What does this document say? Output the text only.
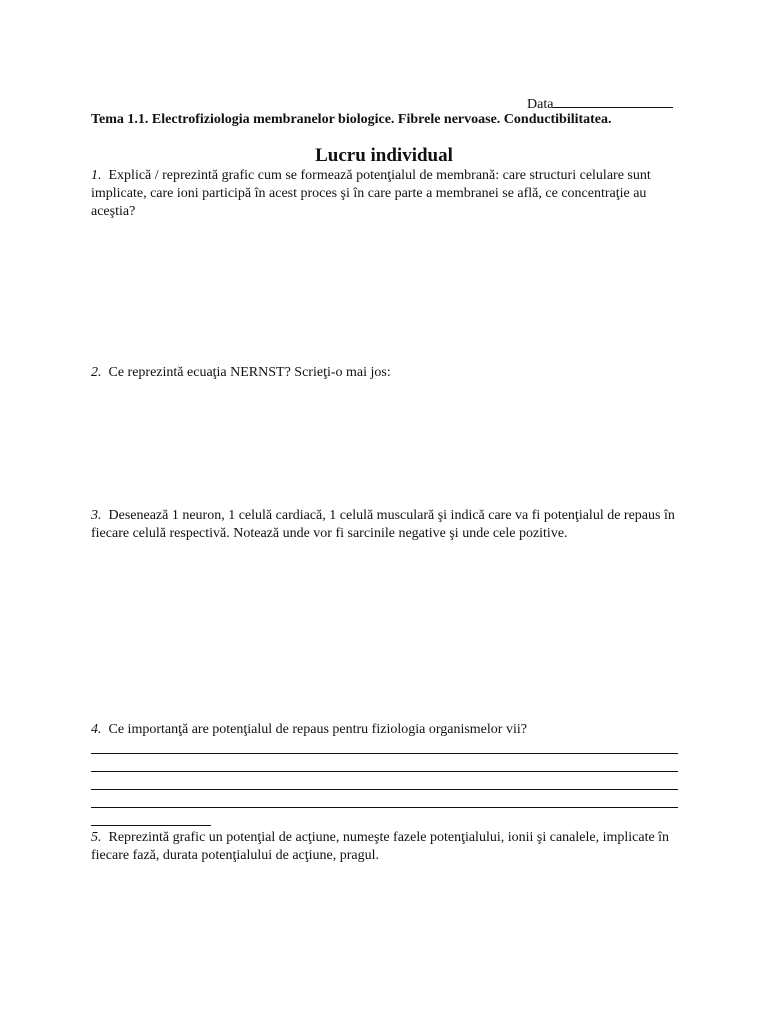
Data
Tema 1.1. Electrofiziologia membranelor biologice. Fibrele nervoase. Conductibilitatea.
Lucru individual
1. Explică / reprezintă grafic cum se formează potenţialul de membrană: care structuri celulare sunt implicate, care ioni participă în acest proces şi în care parte a membranei se află, ce concentraţie au aceştia?
2. Ce reprezintă ecuaţia NERNST? Scrieţi-o mai jos:
3. Desenează 1 neuron, 1 celulă cardiacă, 1 celulă musculară şi indică care va fi potenţialul de repaus în fiecare celulă respectivă. Notează unde vor fi sarcinile negative şi unde cele pozitive.
4. Ce importanţă are potenţialul de repaus pentru fiziologia organismelor vii?
5. Reprezintă grafic un potenţial de acţiune, numeşte fazele potenţialului, ionii şi canalele, implicate în fiecare fază, durata potenţialului de acţiune, pragul.
